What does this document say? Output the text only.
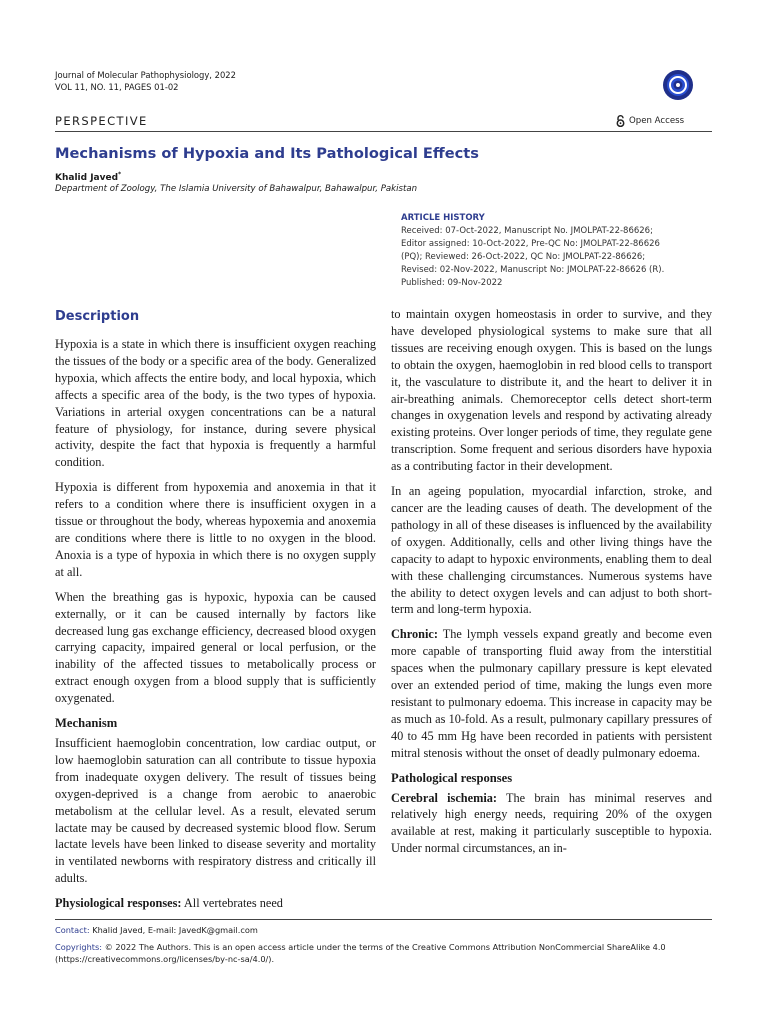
Journal of Molecular Pathophysiology, 2022
VOL 11, NO. 11, PAGES 01-02
PERSPECTIVE	Open Access
Mechanisms of Hypoxia and Its Pathological Effects
Khalid Javed*
Department of Zoology, The Islamia University of Bahawalpur, Bahawalpur, Pakistan
ARTICLE HISTORY
Received: 07-Oct-2022, Manuscript No. JMOLPAT-22-86626;
Editor assigned: 10-Oct-2022, Pre-QC No: JMOLPAT-22-86626
(PQ); Reviewed: 26-Oct-2022, QC No: JMOLPAT-22-86626;
Revised: 02-Nov-2022, Manuscript No: JMOLPAT-22-86626 (R).
Published: 09-Nov-2022
Description

Hypoxia is a state in which there is insufficient oxygen reaching the tissues of the body or a specific area of the body. Generalized hypoxia, which affects the entire body, and local hypoxia, which affects a specific area of the body, is the two types of hypoxia. Variations in arterial oxygen concentrations can be a natural feature of physiology, for instance, during severe physical activity, despite the fact that hypoxia is frequently a harmful condition.

Hypoxia is different from hypoxemia and anoxemia in that it refers to a condition where there is insufficient oxygen in a tissue or throughout the body, whereas hypoxemia and anoxemia are conditions where there is little to no oxygen in the blood. Anoxia is a type of hypoxia in which there is no oxygen supply at all.

When the breathing gas is hypoxic, hypoxia can be caused externally, or it can be caused internally by factors like decreased lung gas exchange efficiency, decreased blood oxygen carrying capacity, impaired general or local perfusion, or the inability of the affected tissues to metabolically process or extract enough oxygen from a blood supply that is sufficiently oxygenated.

Mechanism

Insufficient haemoglobin concentration, low cardiac output, or low haemoglobin saturation can all contribute to tissue hypoxia from inadequate oxygen delivery. The result of tissues being oxygen-deprived is a change from aerobic to anaerobic metabolism at the cellular level. As a result, elevated serum lactate may be caused by decreased systemic blood flow. Serum lactate levels have been linked to disease severity and mortality in ventilated newborns with respiratory distress and critically ill adults.

Physiological responses: All vertebrates need

to maintain oxygen homeostasis in order to survive, and they have developed physiological systems to make sure that all tissues are receiving enough oxygen. This is based on the lungs to obtain the oxygen, haemoglobin in red blood cells to transport it, the vasculature to distribute it, and the heart to deliver it in air-breathing animals. Chemoreceptor cells detect short-term changes in oxygenation levels and respond by activating already existing proteins. Over longer periods of time, they regulate gene transcription. Some frequent and serious disorders have hypoxia as a contributing factor in their development.

In an ageing population, myocardial infarction, stroke, and cancer are the leading causes of death. The development of the pathology in all of these diseases is influenced by the availability of oxygen. Additionally, cells and other living things have the capacity to adapt to hypoxic environments, enabling them to deal with these challenging circumstances. Numerous systems have the ability to detect oxygen levels and can adjust to both short-term and long-term hypoxia.

Chronic: The lymph vessels expand greatly and become even more capable of transporting fluid away from the interstitial spaces when the pulmonary capillary pressure is kept elevated over an extended period of time, making the lungs even more resistant to pulmonary edoema. This increase in capacity may be as much as 10-fold. As a result, pulmonary capillary pressures of 40 to 45 mm Hg have been recorded in patients with persistent mitral stenosis without the onset of deadly pulmonary edoema.

Pathological responses

Cerebral ischemia: The brain has minimal reserves and relatively high energy needs, requiring 20% of the oxygen available at rest, making it particularly susceptible to hypoxia. Under normal circumstances, an in-

Contact: Khalid Javed, E-mail: JavedK@gmail.com
Copyrights: © 2022 The Authors. This is an open access article under the terms of the Creative Commons Attribution NonCommercial ShareAlike 4.0 (https://creativecommons.org/licenses/by-nc-sa/4.0/).
